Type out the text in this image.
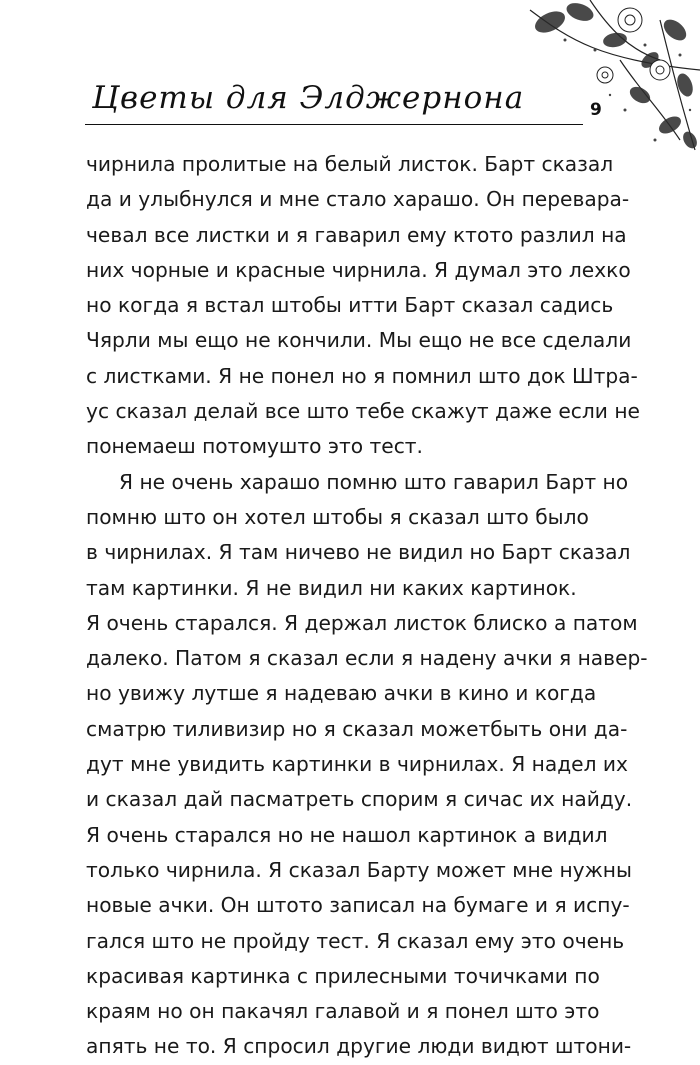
Цветы для Элджернона	9
чирнила пролитые на белый листок. Барт сказал
да и улыбнулся и мне стало харашо. Он перевара-
чевал все листки и я гаварил ему ктото разлил на
них чорные и красные чирнила. Я думал это лехко
но когда я встал штобы итти Барт сказал садись
Чярли мы ещо не кончили. Мы ещо не все сделали
с листками. Я не понел но я помнил што док Штра-
ус сказал делай все што тебе скажут даже если не
понемаеш потомушто это тест.
Я не очень харашо помню што гаварил Барт но
помню што он хотел штобы я сказал што было
в чирнилах. Я там ничево не видил но Барт сказал
там картинки. Я не видил ни каких картинок.
Я очень старался. Я держал листок блиско а патом
далеко. Патом я сказал если я надену ачки я навер-
но увижу лутше я надеваю ачки в кино и когда
сматрю тиливизир но я сказал можетбыть они да-
дут мне увидить картинки в чирнилах. Я надел их
и сказал дай пасматреть спорим я сичас их найду.
Я очень старался но не нашол картинок а видил
только чирнила. Я сказал Барту может мне нужны
новые ачки. Он штото записал на бумаге и я испу-
гался што не пройду тест. Я сказал ему это очень
красивая картинка с прилесными точичками по
краям но он пакачял галавой и я понел што это
апять не то. Я спросил другие люди видют штони-
